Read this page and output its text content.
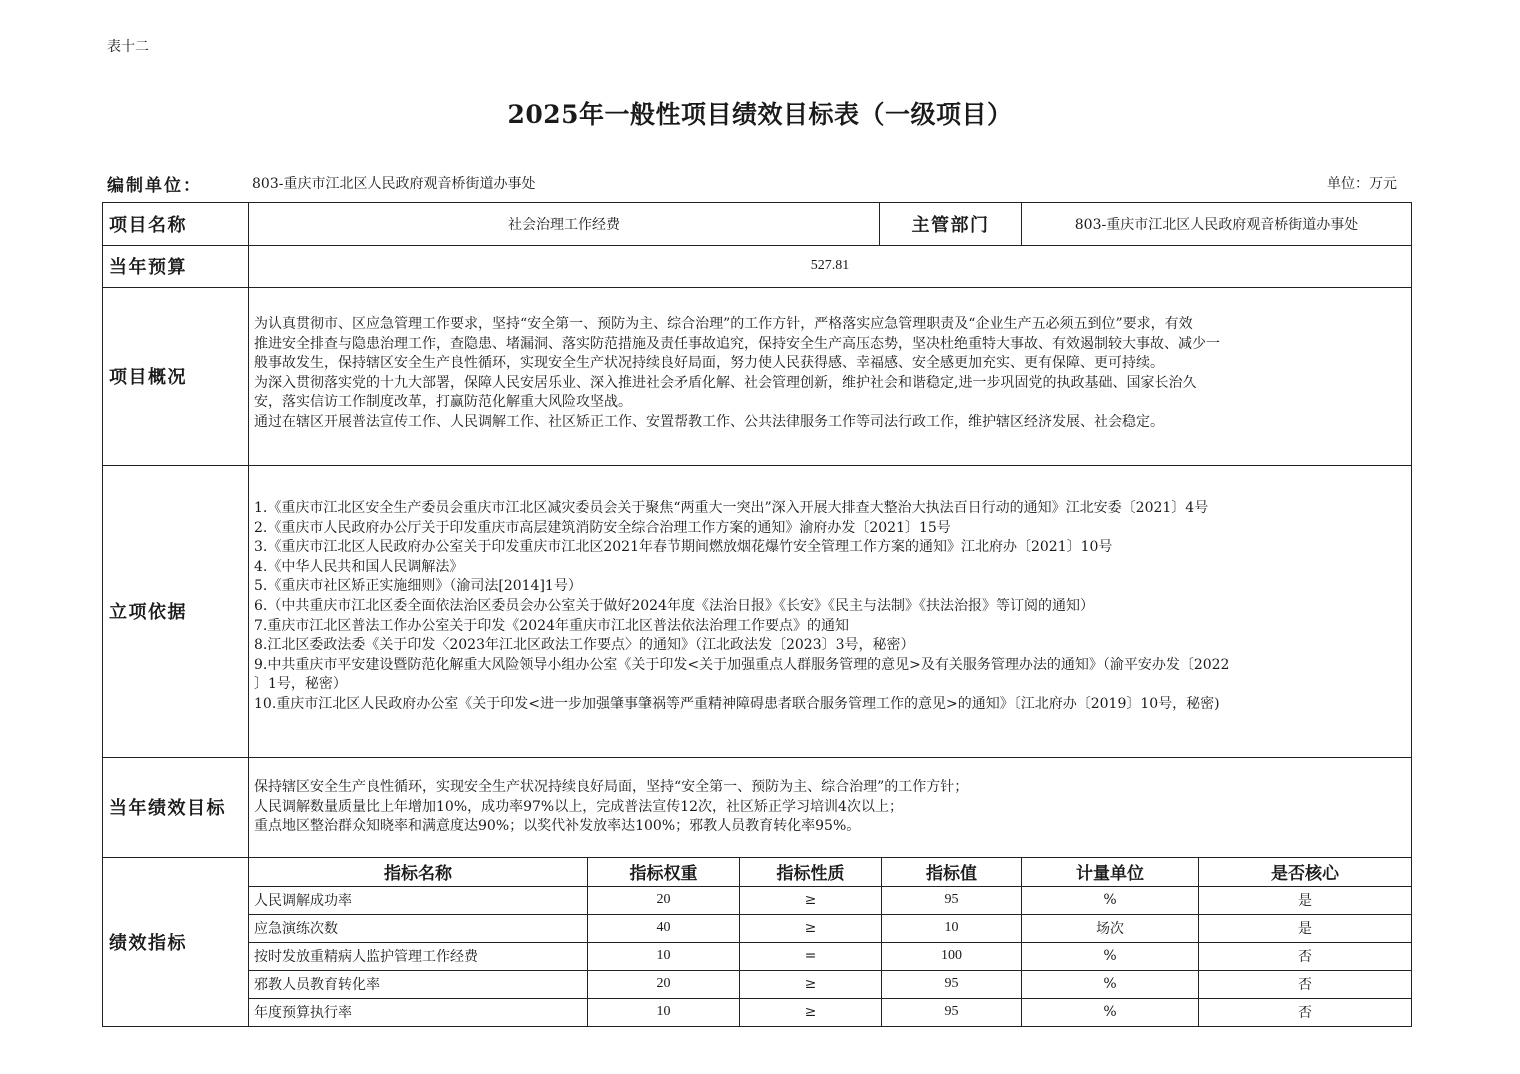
表十二
2025年一般性项目绩效目标表（一级项目）
编制单位：	803-重庆市江北区人民政府观音桥街道办事处	单位：万元
项目名称	社会治理工作经费	主管部门	803-重庆市江北区人民政府观音桥街道办事处
当年预算	527.81
项目概况

为认真贯彻市、区应急管理工作要求，坚持“安全第一、预防为主、综合治理”的工作方针，严格落实应急管理职责及“企业生产五必须五到位”要求，有效

推进安全排查与隐患治理工作，查隐患、堵漏洞、落实防范措施及责任事故追究，保持安全生产高压态势，坚决杜绝重特大事故、有效遏制较大事故、减少一

般事故发生，保持辖区安全生产良性循环，实现安全生产状况持续良好局面，努力使人民获得感、幸福感、安全感更加充实、更有保障、更可持续。

为深入贯彻落实党的十九大部署，保障人民安居乐业、深入推进社会矛盾化解、社会管理创新，维护社会和谐稳定,进一步巩固党的执政基础、国家长治久

安，落实信访工作制度改革，打赢防范化解重大风险攻坚战。

通过在辖区开展普法宣传工作、人民调解工作、社区矫正工作、安置帮教工作、公共法律服务工作等司法行政工作，维护辖区经济发展、社会稳定。

立项依据

1.《重庆市江北区安全生产委员会重庆市江北区减灾委员会关于聚焦“两重大一突出”深入开展大排查大整治大执法百日行动的通知》江北安委〔2021〕4号

2.《重庆市人民政府办公厅关于印发重庆市高层建筑消防安全综合治理工作方案的通知》渝府办发〔2021〕15号

3.《重庆市江北区人民政府办公室关于印发重庆市江北区2021年春节期间燃放烟花爆竹安全管理工作方案的通知》江北府办〔2021〕10号

4.《中华人民共和国人民调解法》

5.《重庆市社区矫正实施细则》（渝司法[2014]1号）

6.（中共重庆市江北区委全面依法治区委员会办公室关于做好2024年度《法治日报》《长安》《民主与法制》《扶法治报》等订阅的通知）

7.重庆市江北区普法工作办公室关于印发《2024年重庆市江北区普法依法治理工作要点》的通知

8.江北区委政法委《关于印发〈2023年江北区政法工作要点〉的通知》（江北政法发〔2023〕3号，秘密）

9.中共重庆市平安建设暨防范化解重大风险领导小组办公室《关于印发<关于加强重点人群服务管理的意见>及有关服务管理办法的通知》（渝平安办发〔2022

〕1号，秘密）

10.重庆市江北区人民政府办公室《关于印发<进一步加强肇事肇祸等严重精神障碍患者联合服务管理工作的意见>的通知》〔江北府办〔2019〕10号，秘密)

当年绩效目标

保持辖区安全生产良性循环，实现安全生产状况持续良好局面，坚持“安全第一、预防为主、综合治理”的工作方针；

人民调解数量质量比上年增加10%，成功率97%以上，完成普法宣传12次，社区矫正学习培训4次以上；

重点地区整治群众知晓率和满意度达90%；以奖代补发放率达100%；邪教人员教育转化率95%。

绩效指标
指标名称	指标权重	指标性质	指标值	计量单位	是否核心
人民调解成功率	20	≥	95	%	是
应急演练次数	40	≥	10	场次	是
按时发放重精病人监护管理工作经费	10	=	100	%	否
邪教人员教育转化率	20	≥	95	%	否
年度预算执行率	10	≥	95	%	否
